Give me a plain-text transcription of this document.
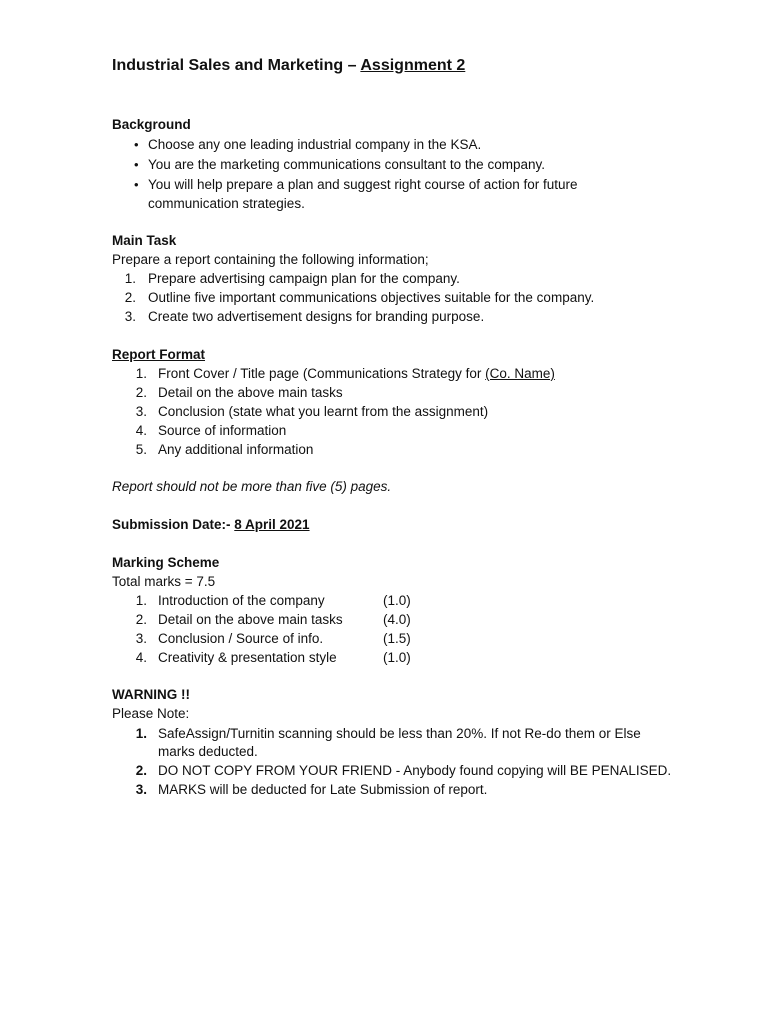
Industrial Sales and Marketing – Assignment 2
Background
• Choose any one leading industrial company in the KSA.
• You are the marketing communications consultant to the company.
• You will help prepare a plan and suggest right course of action for future
communication strategies.
Main Task
Prepare a report containing the following information;
1. Prepare advertising campaign plan for the company.
2. Outline five important communications objectives suitable for the company.
3. Create two advertisement designs for branding purpose.
Report Format
1. Front Cover / Title page (Communications Strategy for (Co. Name)
2. Detail on the above main tasks
3. Conclusion (state what you learnt from the assignment)
4. Source of information
5. Any additional information
Report should not be more than five (5) pages.
Submission Date:- 8 April 2021
Marking Scheme
Total marks = 7.5
1. Introduction of the company	(1.0)
2. Detail on the above main tasks	(4.0)
3. Conclusion / Source of info.	(1.5)
4. Creativity & presentation style	(1.0)
WARNING !!
Please Note:
1. SafeAssign/Turnitin scanning should be less than 20%. If not Re-do them or Else
marks deducted.
2. DO NOT COPY FROM YOUR FRIEND - Anybody found copying will BE PENALISED.
3. MARKS will be deducted for Late Submission of report.
